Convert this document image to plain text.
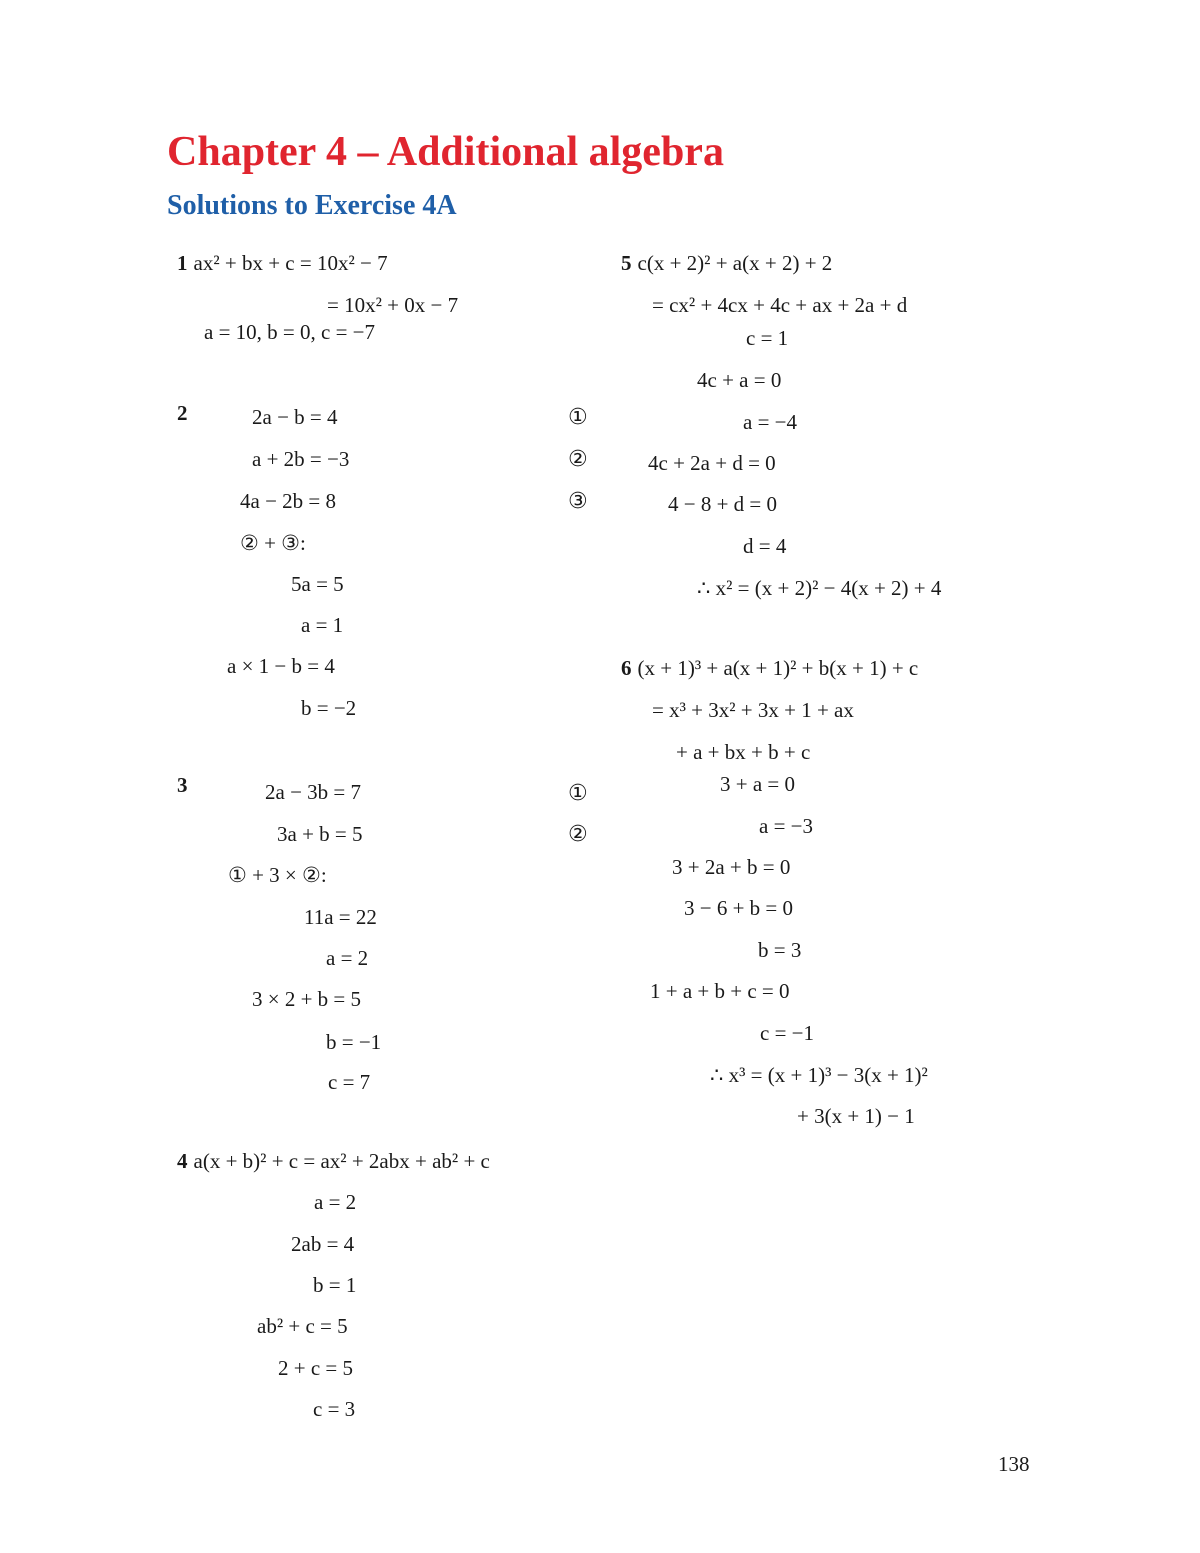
Chapter 4 – Additional algebra
Solutions to Exercise 4A
1 ax² + bx + c = 10x² − 7
= 10x² + 0x − 7
a = 10, b = 0, c = −7
2	2a − b = 4
a + 2b = −3
4a − 2b = 8
② + ③:
5a = 5
a = 1
a × 1 − b = 4
b = −2
①
②
③
3	2a − 3b = 7
3a + b = 5
① + 3 × ②:
11a = 22
a = 2
3 × 2 + b = 5
b = −1
c = 7
①
②
4 a(x + b)² + c = ax² + 2abx + ab² + c
a = 2
2ab = 4
b = 1
ab² + c = 5
2 + c = 5
c = 3
5 c(x + 2)² + a(x + 2) + 2
= cx² + 4cx + 4c + ax + 2a + d
c = 1
4c + a = 0
a = −4
4c + 2a + d = 0
4 − 8 + d = 0
d = 4
∴ x² = (x + 2)² − 4(x + 2) + 4
6 (x + 1)³ + a(x + 1)² + b(x + 1) + c
= x³ + 3x² + 3x + 1 + ax
+ a + bx + b + c
3 + a = 0
a = −3
3 + 2a + b = 0
3 − 6 + b = 0
b = 3
1 + a + b + c = 0
c = −1
∴ x³ = (x + 1)³ − 3(x + 1)²
+ 3(x + 1) − 1
138
